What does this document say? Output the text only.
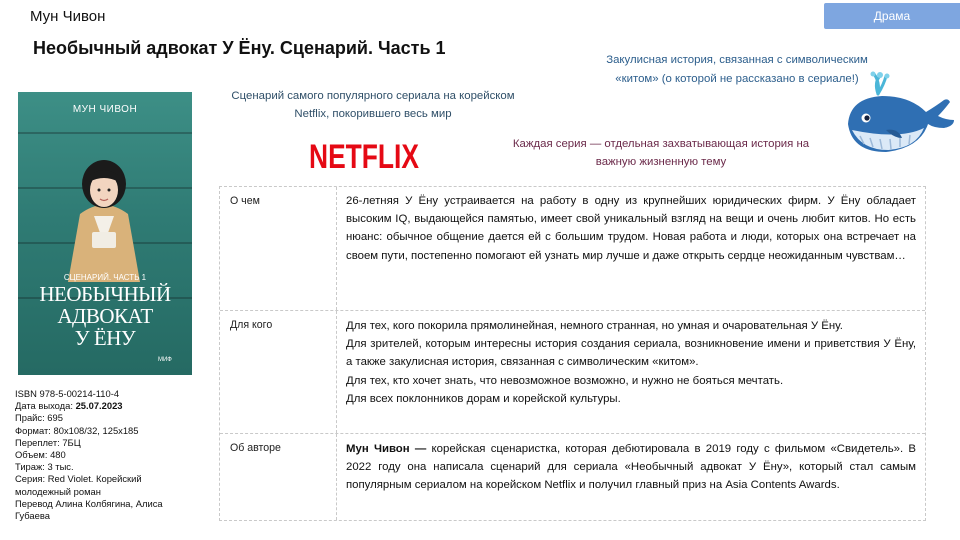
Мун Чивон	Драма
Необычный адвокат У Ёну. Сценарий. Часть 1
МУН ЧИВОН
СЦЕНАРИЙ. ЧАСТЬ 1
НЕОБЫЧНЫЙ
АДВОКАТ
У ЁНУ
МИФ
ISBN 978-5-00214-110-4
Дата выхода: 25.07.2023
Прайс: 695
Формат: 80х108/32, 125х185
Переплет: 7БЦ
Объем: 480
Тираж: 3 тыс.
Серия: Red Violet. Корейский молодежный роман
Перевод Алина Колбягина, Алиса Губаева
Сценарий самого популярного сериала на корейском Netflix, покорившего весь мир
NETFLIX	Каждая серия — отдельная захватывающая история на важную жизненную тему
Закулисная история, связанная с символическим «китом» (о которой не рассказано в сериале!)
О чем	26-летняя У Ёну устраивается на работу в одну из крупнейших юридических фирм. У Ёну обладает высоким IQ, выдающейся памятью, имеет свой уникальный взгляд на вещи и очень любит китов. Но есть нюанс: обычное общение дается ей с большим трудом. Новая работа и люди, которых она встречает на своем пути, постепенно помогают ей узнать мир лучше и даже открыть сердце неожиданным чувствам…

Для кого	Для тех, кого покорила прямолинейная, немного странная, но умная и очаровательная У Ёну.

Для зрителей, которым интересны история создания сериала, возникновение имени и приветствия У Ёну, а также закулисная история, связанная с символическим «китом».

Для тех, кто хочет знать, что невозможное возможно, и нужно не бояться мечтать.

Для всех поклонников дорам и корейской культуры.

Об авторе	Мун Чивон — корейская сценаристка, которая дебютировала в 2019 году с фильмом «Свидетель». В 2022 году она написала сценарий для сериала «Необычный адвокат У Ёну», который стал самым популярным сериалом на корейском Netflix и получил главный приз на Asia Contents Awards.
